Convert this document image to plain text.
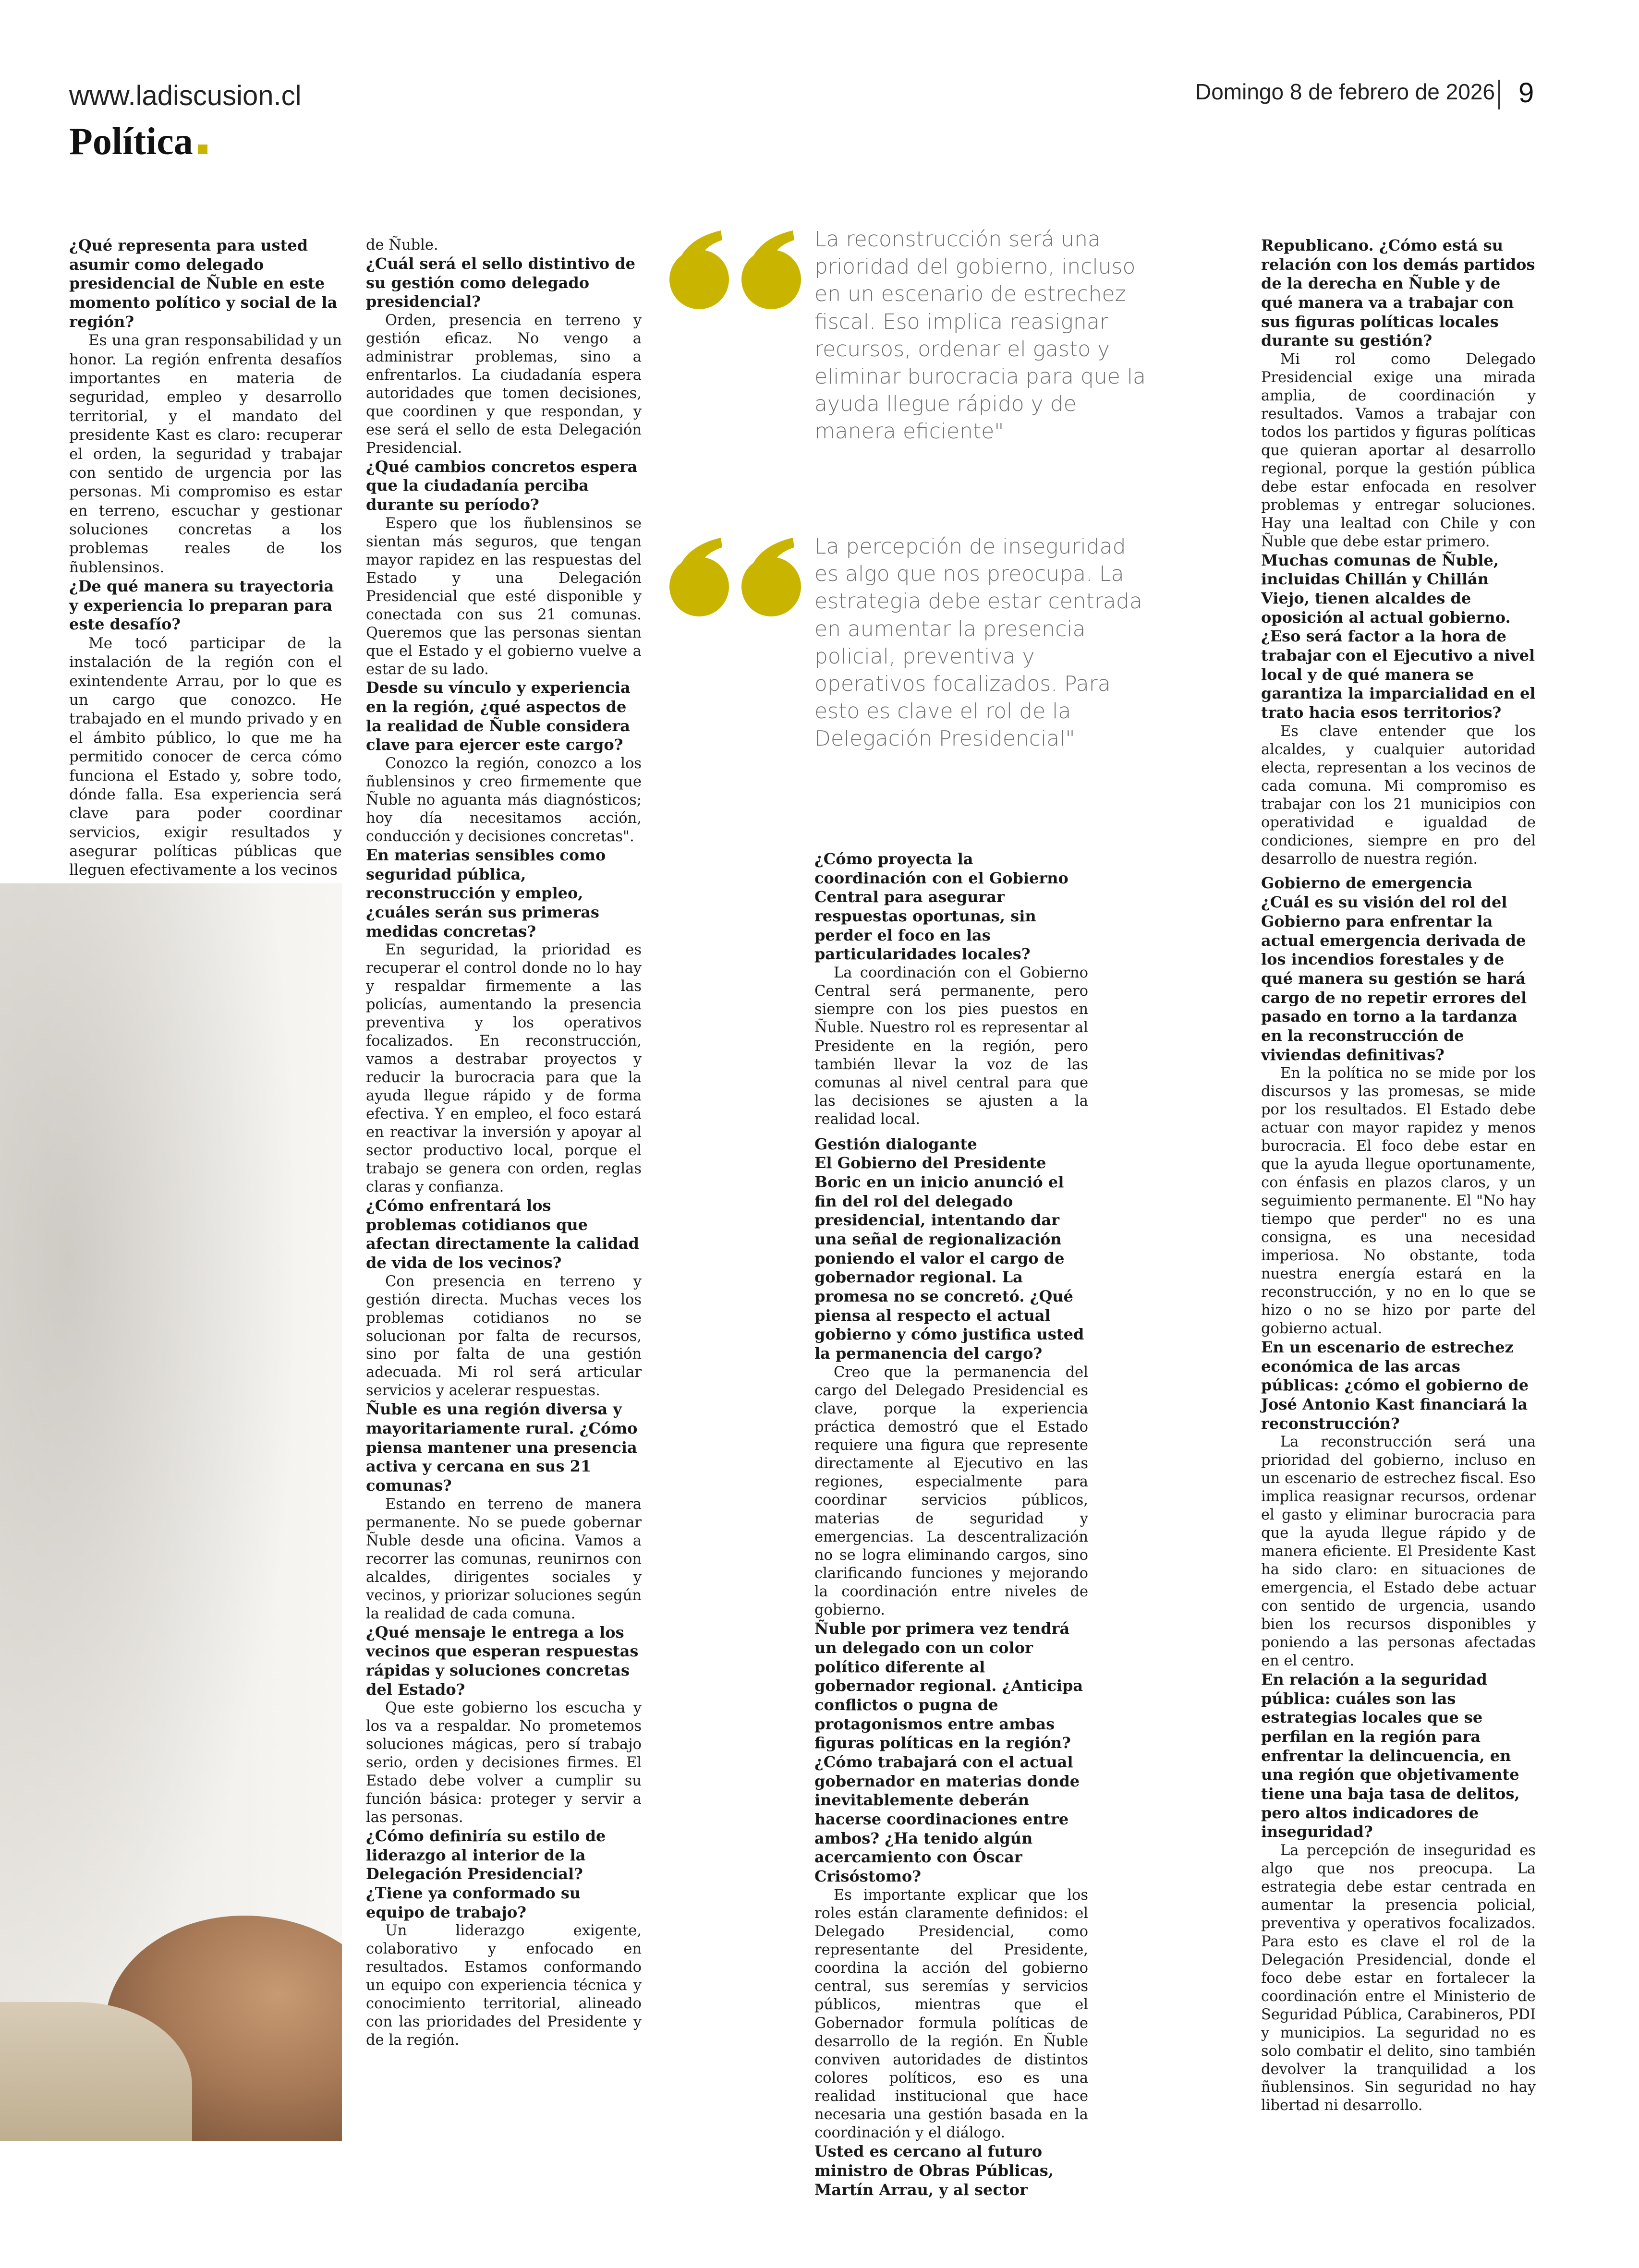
www.ladiscusion.cl	Domingo 8 de febrero de 2026 9
Política
¿Qué representa para usted asumir como delegado presidencial de Ñuble en este momento político y social de la región?

Es una gran responsabilidad y un honor. La región enfrenta desafíos importantes en materia de seguridad, empleo y desarrollo territorial, y el mandato del presidente Kast es claro: recuperar el orden, la seguridad y trabajar con sentido de urgencia por las personas. Mi compromiso es estar en terreno, escuchar y gestionar soluciones concretas a los problemas reales de los ñublensinos.

¿De qué manera su trayectoria y experiencia lo preparan para este desafío?

Me tocó participar de la instalación de la región con el exintendente Arrau, por lo que es un cargo que conozco. He trabajado en el mundo privado y en el ámbito público, lo que me ha permitido conocer de cerca cómo funciona el Estado y, sobre todo, dónde falla. Esa experiencia será clave para poder coordinar servicios, exigir resultados y asegurar políticas públicas que lleguen efectivamente a los vecinos

de Ñuble.

¿Cuál será el sello distintivo de su gestión como delegado presidencial?

Orden, presencia en terreno y gestión eficaz. No vengo a administrar problemas, sino a enfrentarlos. La ciudadanía espera autoridades que tomen decisiones, que coordinen y que respondan, y ese será el sello de esta Delegación Presidencial.

¿Qué cambios concretos espera que la ciudadanía perciba durante su período?

Espero que los ñublensinos se sientan más seguros, que tengan mayor rapidez en las respuestas del Estado y una Delegación Presidencial que esté disponible y conectada con sus 21 comunas. Queremos que las personas sientan que el Estado y el gobierno vuelve a estar de su lado.

Desde su vínculo y experiencia en la región, ¿qué aspectos de la realidad de Ñuble considera clave para ejercer este cargo?

Conozco la región, conozco a los ñublensinos y creo firmemente que Ñuble no aguanta más diagnósticos; hoy día necesitamos acción, conducción y decisiones concretas".

En materias sensibles como seguridad pública, reconstrucción y empleo, ¿cuáles serán sus primeras medidas concretas?

En seguridad, la prioridad es recuperar el control donde no lo hay y respaldar firmemente a las policías, aumentando la presencia preventiva y los operativos focalizados. En reconstrucción, vamos a destrabar proyectos y reducir la burocracia para que la ayuda llegue rápido y de forma efectiva. Y en empleo, el foco estará en reactivar la inversión y apoyar al sector productivo local, porque el trabajo se genera con orden, reglas claras y confianza.

¿Cómo enfrentará los problemas cotidianos que afectan directamente la calidad de vida de los vecinos?

Con presencia en terreno y gestión directa. Muchas veces los problemas cotidianos no se solucionan por falta de recursos, sino por falta de una gestión adecuada. Mi rol será articular servicios y acelerar respuestas.

Ñuble es una región diversa y mayoritariamente rural. ¿Cómo piensa mantener una presencia activa y cercana en sus 21 comunas?

Estando en terreno de manera permanente. No se puede gobernar Ñuble desde una oficina. Vamos a recorrer las comunas, reunirnos con alcaldes, dirigentes sociales y vecinos, y priorizar soluciones según la realidad de cada comuna.

¿Qué mensaje le entrega a los vecinos que esperan respuestas rápidas y soluciones concretas del Estado?

Que este gobierno los escucha y los va a respaldar. No prometemos soluciones mágicas, pero sí trabajo serio, orden y decisiones firmes. El Estado debe volver a cumplir su función básica: proteger y servir a las personas.

¿Cómo definiría su estilo de liderazgo al interior de la Delegación Presidencial? ¿Tiene ya conformado su equipo de trabajo?

Un liderazgo exigente, colaborativo y enfocado en resultados. Estamos conformando un equipo con experiencia técnica y conocimiento territorial, alineado con las prioridades del Presidente y de la región.

La reconstrucción será una prioridad del gobierno, incluso en un escenario de estrechez fiscal. Eso implica reasignar recursos, ordenar el gasto y eliminar burocracia para que la ayuda llegue rápido y de manera eficiente"
La percepción de inseguridad es algo que nos preocupa. La estrategia debe estar centrada en aumentar la presencia policial, preventiva y operativos focalizados. Para esto es clave el rol de la Delegación Presidencial"
¿Cómo proyecta la coordinación con el Gobierno Central para asegurar respuestas oportunas, sin perder el foco en las particularidades locales?

La coordinación con el Gobierno Central será permanente, pero siempre con los pies puestos en Ñuble. Nuestro rol es representar al Presidente en la región, pero también llevar la voz de las comunas al nivel central para que las decisiones se ajusten a la realidad local.

Gestión dialogante
El Gobierno del Presidente Boric en un inicio anunció el fin del rol del delegado presidencial, intentando dar una señal de regionalización poniendo el valor el cargo de gobernador regional. La promesa no se concretó. ¿Qué piensa al respecto el actual gobierno y cómo justifica usted la permanencia del cargo?

Creo que la permanencia del cargo del Delegado Presidencial es clave, porque la experiencia práctica demostró que el Estado requiere una figura que represente directamente al Ejecutivo en las regiones, especialmente para coordinar servicios públicos, materias de seguridad y emergencias. La descentralización no se logra eliminando cargos, sino clarificando funciones y mejorando la coordinación entre niveles de gobierno.

Ñuble por primera vez tendrá un delegado con un color político diferente al gobernador regional. ¿Anticipa conflictos o pugna de protagonismos entre ambas figuras políticas en la región? ¿Cómo trabajará con el actual gobernador en materias donde inevitablemente deberán hacerse coordinaciones entre ambos? ¿Ha tenido algún acercamiento con Óscar Crisóstomo?

Es importante explicar que los roles están claramente definidos: el Delegado Presidencial, como representante del Presidente, coordina la acción del gobierno central, sus seremías y servicios públicos, mientras que el Gobernador formula políticas de desarrollo de la región. En Ñuble conviven autoridades de distintos colores políticos, eso es una realidad institucional que hace necesaria una gestión basada en la coordinación y el diálogo.

Usted es cercano al futuro ministro de Obras Públicas, Martín Arrau, y al sector
Republicano. ¿Cómo está su relación con los demás partidos de la derecha en Ñuble y de qué manera va a trabajar con sus figuras políticas locales durante su gestión?

Mi rol como Delegado Presidencial exige una mirada amplia, de coordinación y resultados. Vamos a trabajar con todos los partidos y figuras políticas que quieran aportar al desarrollo regional, porque la gestión pública debe estar enfocada en resolver problemas y entregar soluciones. Hay una lealtad con Chile y con Ñuble que debe estar primero.

Muchas comunas de Ñuble, incluidas Chillán y Chillán Viejo, tienen alcaldes de oposición al actual gobierno. ¿Eso será factor a la hora de trabajar con el Ejecutivo a nivel local y de qué manera se garantiza la imparcialidad en el trato hacia esos territorios?

Es clave entender que los alcaldes, y cualquier autoridad electa, representan a los vecinos de cada comuna. Mi compromiso es trabajar con los 21 municipios con operatividad e igualdad de condiciones, siempre en pro del desarrollo de nuestra región.

Gobierno de emergencia
¿Cuál es su visión del rol del Gobierno para enfrentar la actual emergencia derivada de los incendios forestales y de qué manera su gestión se hará cargo de no repetir errores del pasado en torno a la tardanza en la reconstrucción de viviendas definitivas?

En la política no se mide por los discursos y las promesas, se mide por los resultados. El Estado debe actuar con mayor rapidez y menos burocracia. El foco debe estar en que la ayuda llegue oportunamente, con énfasis en plazos claros, y un seguimiento permanente. El "No hay tiempo que perder" no es una consigna, es una necesidad imperiosa. No obstante, toda nuestra energía estará en la reconstrucción, y no en lo que se hizo o no se hizo por parte del gobierno actual.

En un escenario de estrechez económica de las arcas públicas: ¿cómo el gobierno de José Antonio Kast financiará la reconstrucción?

La reconstrucción será una prioridad del gobierno, incluso en un escenario de estrechez fiscal. Eso implica reasignar recursos, ordenar el gasto y eliminar burocracia para que la ayuda llegue rápido y de manera eficiente. El Presidente Kast ha sido claro: en situaciones de emergencia, el Estado debe actuar con sentido de urgencia, usando bien los recursos disponibles y poniendo a las personas afectadas en el centro.

En relación a la seguridad pública: cuáles son las estrategias locales que se perfilan en la región para enfrentar la delincuencia, en una región que objetivamente tiene una baja tasa de delitos, pero altos indicadores de inseguridad?

La percepción de inseguridad es algo que nos preocupa. La estrategia debe estar centrada en aumentar la presencia policial, preventiva y operativos focalizados. Para esto es clave el rol de la Delegación Presidencial, donde el foco debe estar en fortalecer la coordinación entre el Ministerio de Seguridad Pública, Carabineros, PDI y municipios. La seguridad no es solo combatir el delito, sino también devolver la tranquilidad a los ñublensinos. Sin seguridad no hay libertad ni desarrollo.
